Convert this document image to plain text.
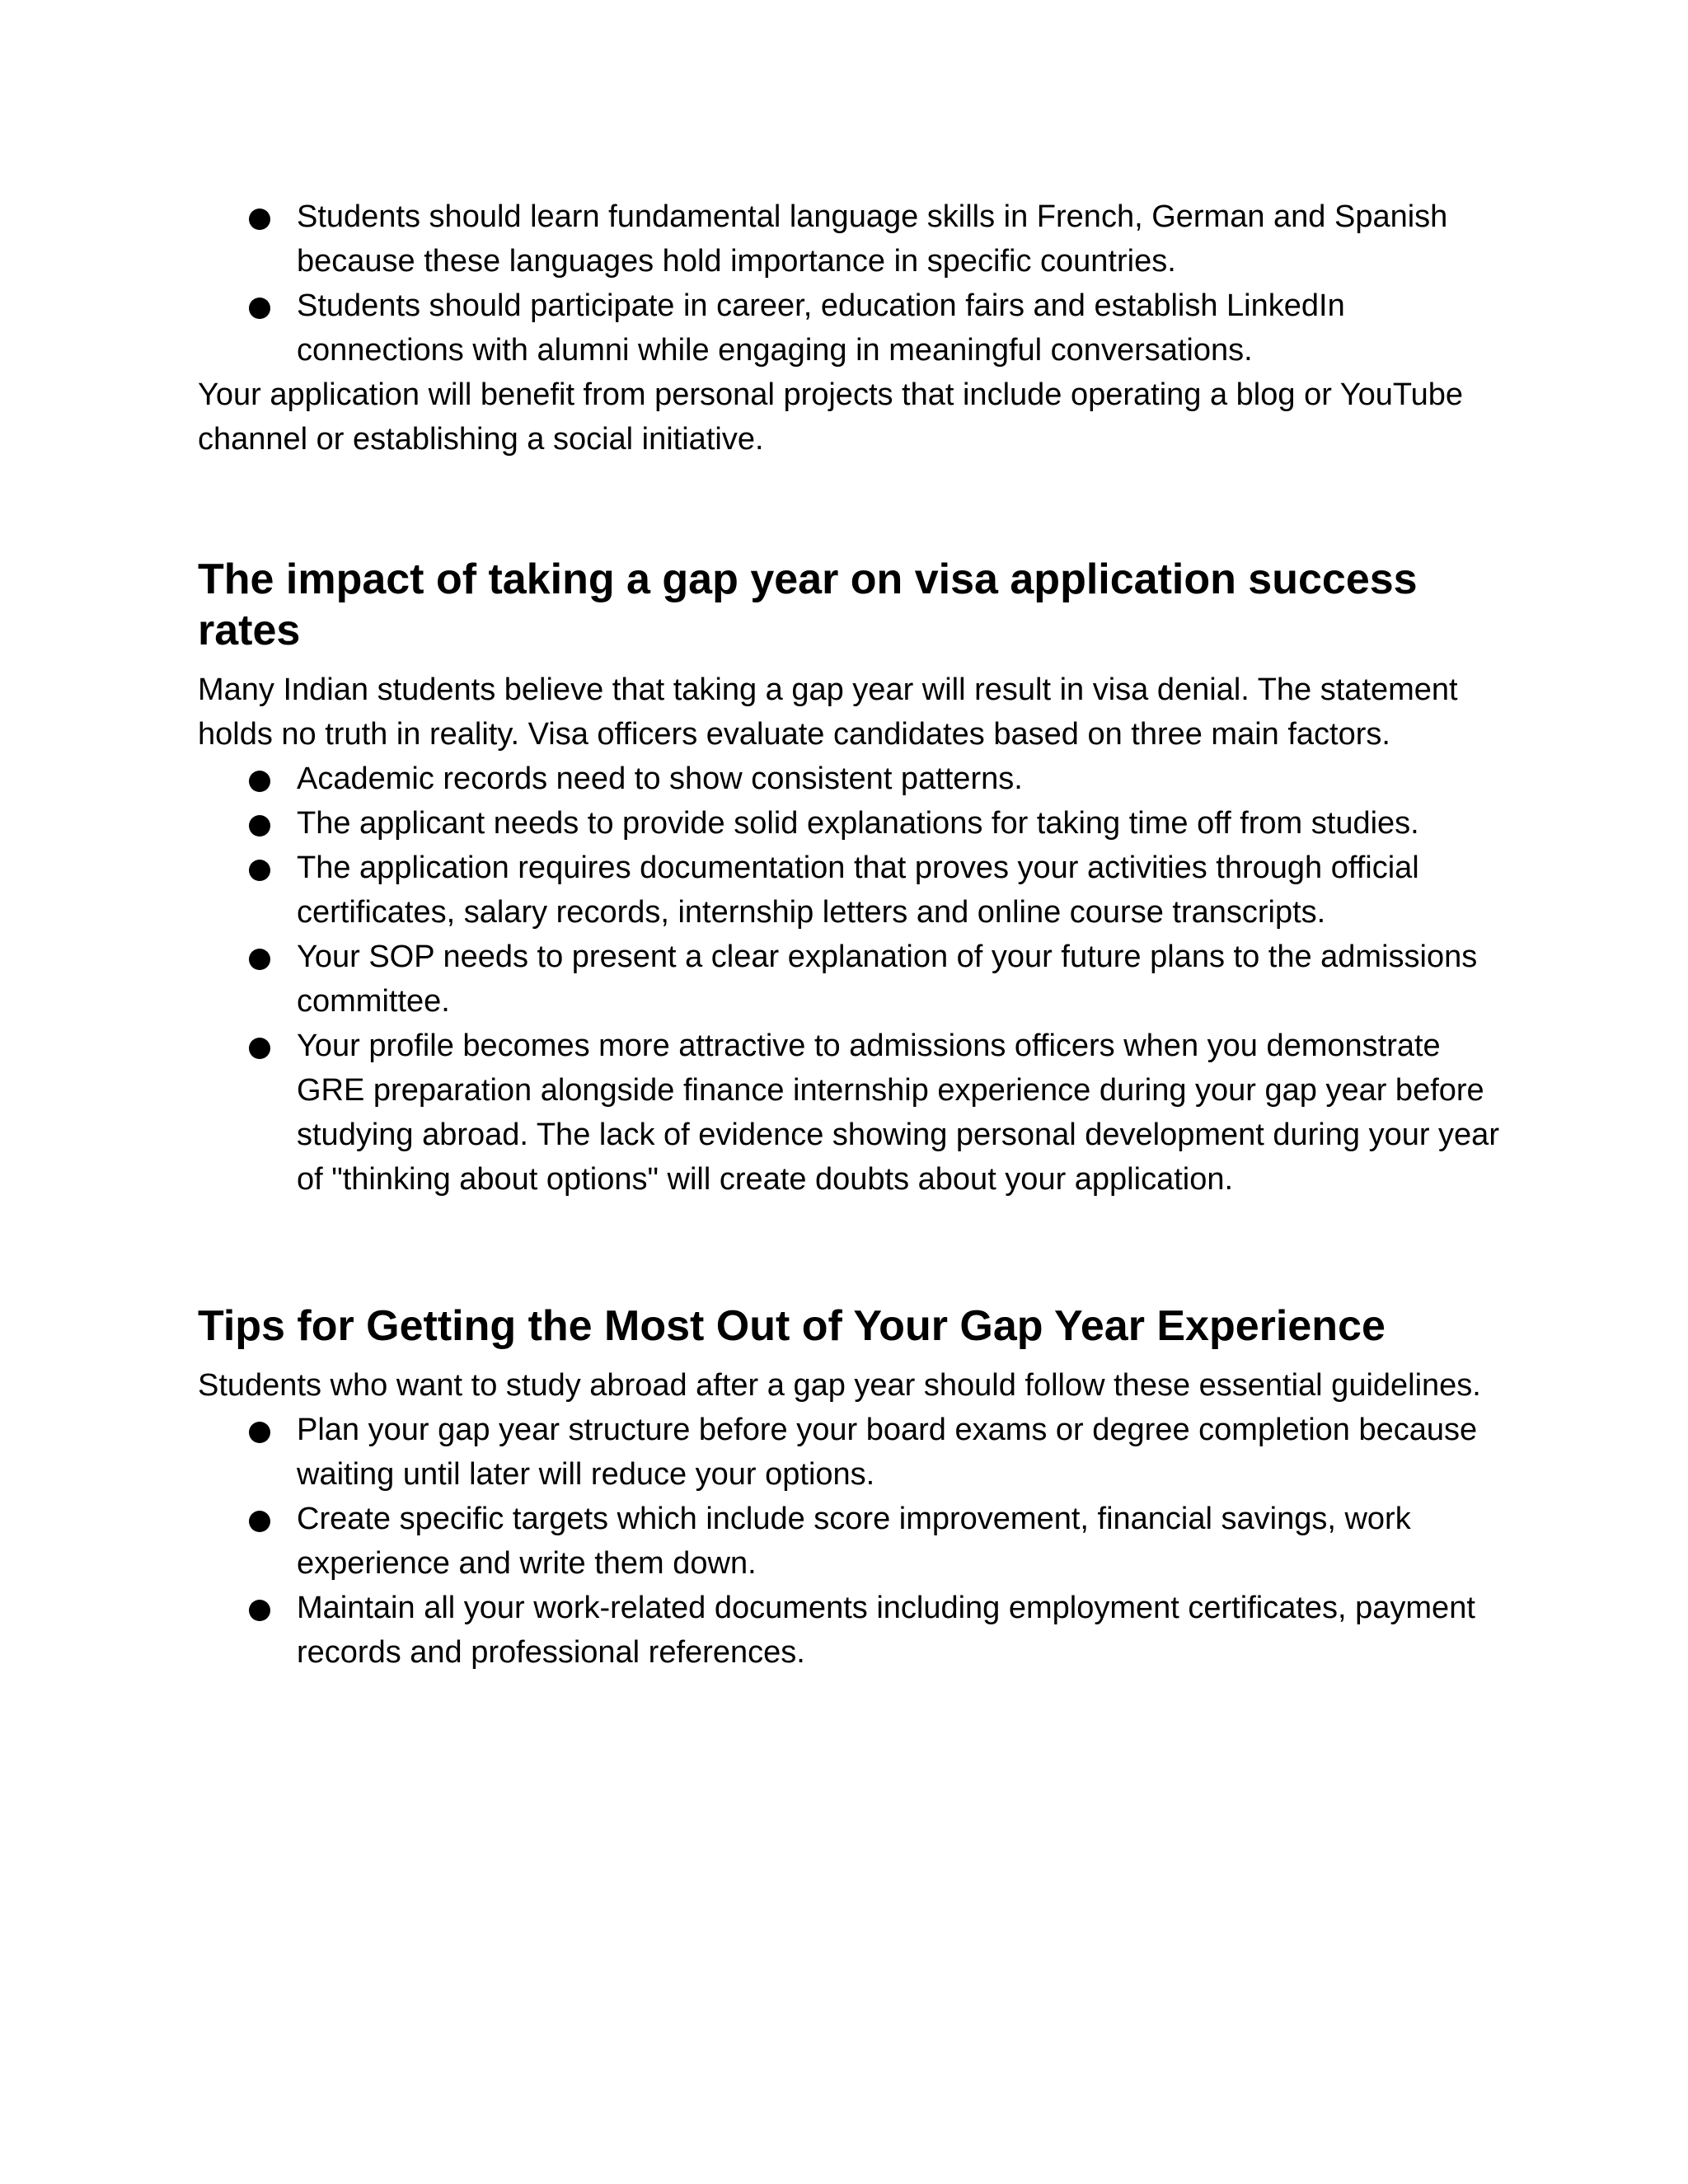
Students should learn fundamental language skills in French, German and Spanish because these languages hold importance in specific countries.
Students should participate in career, education fairs and establish LinkedIn connections with alumni while engaging in meaningful conversations.

Your application will benefit from personal projects that include operating a blog or YouTube channel or establishing a social initiative.

The impact of taking a gap year on visa application success rates

Many Indian students believe that taking a gap year will result in visa denial. The statement holds no truth in reality. Visa officers evaluate candidates based on three main factors.

Academic records need to show consistent patterns.
The applicant needs to provide solid explanations for taking time off from studies.
The application requires documentation that proves your activities through official certificates, salary records, internship letters and online course transcripts.
Your SOP needs to present a clear explanation of your future plans to the admissions committee.
Your profile becomes more attractive to admissions officers when you demonstrate GRE preparation alongside finance internship experience during your gap year before studying abroad. The lack of evidence showing personal development during your year of "thinking about options" will create doubts about your application.
Tips for Getting the Most Out of Your Gap Year Experience

Students who want to study abroad after a gap year should follow these essential guidelines.

Plan your gap year structure before your board exams or degree completion because waiting until later will reduce your options.
Create specific targets which include score improvement, financial savings, work experience and write them down.
Maintain all your work-related documents including employment certificates, payment records and professional references.
